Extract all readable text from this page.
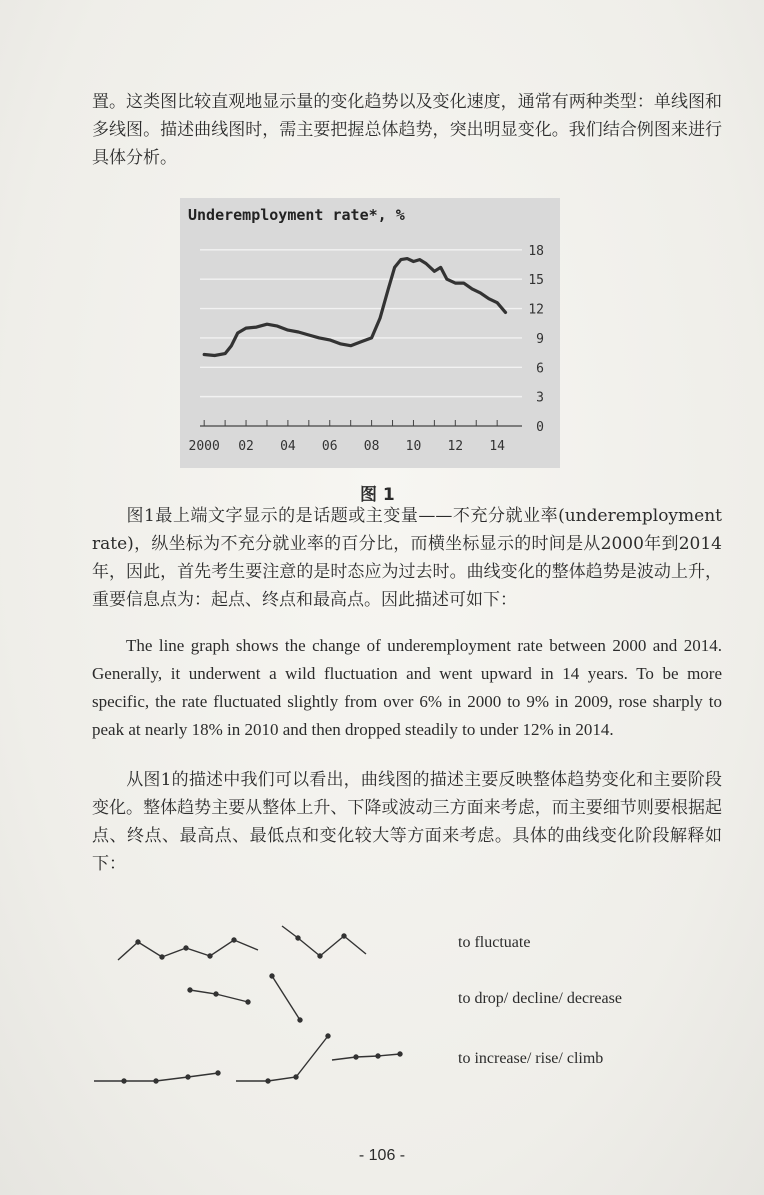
置。这类图比较直观地显示量的变化趋势以及变化速度，通常有两种类型：单线图和多线图。描述曲线图时，需主要把握总体趋势，突出明显变化。我们结合例图来进行具体分析。

Underemployment rate*, %
0
3
6
9
12
15
18
2000 02 04 06 08 10 12 14
图 1

图1最上端文字显示的是话题或主变量——不充分就业率(underemployment rate)，纵坐标为不充分就业率的百分比，而横坐标显示的时间是从2000年到2014年，因此，首先考生要注意的是时态应为过去时。曲线变化的整体趋势是波动上升，重要信息点为：起点、终点和最高点。因此描述可如下：

The line graph shows the change of underemployment rate between 2000 and 2014. Generally, it underwent a wild fluctuation and went upward in 14 years. To be more specific, the rate fluctuated slightly from over 6% in 2000 to 9% in 2009, rose sharply to peak at nearly 18% in 2010 and then dropped steadily to under 12% in 2014.

从图1的描述中我们可以看出，曲线图的描述主要反映整体趋势变化和主要阶段变化。整体趋势主要从整体上升、下降或波动三方面来考虑，而主要细节则要根据起点、终点、最高点、最低点和变化较大等方面来考虑。具体的曲线变化阶段解释如下：

to fluctuate
to drop/ decline/ decrease
to increase/ rise/ climb
- 106 -
